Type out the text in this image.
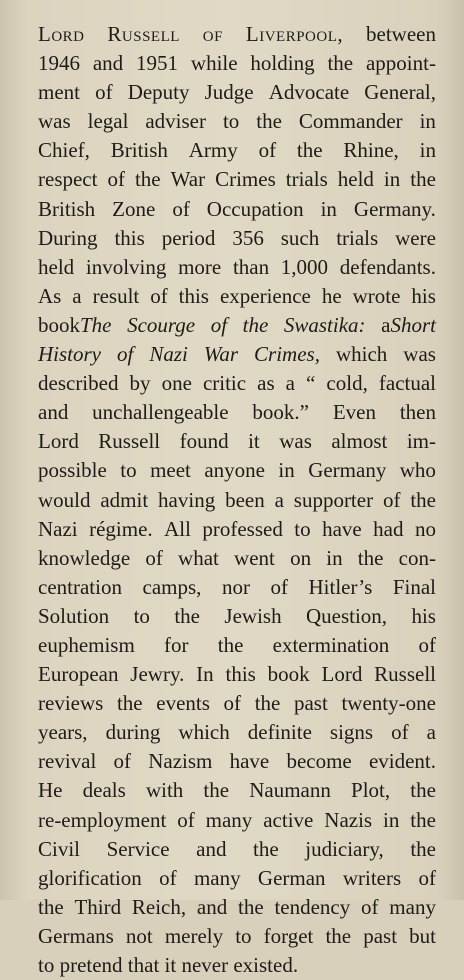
Lord Russell of Liverpool, between
1946 and 1951 while holding the appoint-
ment of Deputy Judge Advocate General,
was legal adviser to the Commander in
Chief, British Army of the Rhine, in
respect of the War Crimes trials held in the
British Zone of Occupation in Germany.
During this period 356 such trials were
held involving more than 1,000 defendants.
As a result of this experience he wrote his
bookThe Scourge of the Swastika: aShort
History of Nazi War Crimes, which was
described by one critic as a “ cold, factual
and unchallengeable book.” Even then
Lord Russell found it was almost im-
possible to meet anyone in Germany who
would admit having been a supporter of the
Nazi régime. All professed to have had no
knowledge of what went on in the con-
centration camps, nor of Hitler’s Final
Solution to the Jewish Question, his
euphemism for the extermination of
European Jewry. In this book Lord Russell
reviews the events of the past twenty-one
years, during which definite signs of a
revival of Nazism have become evident.
He deals with the Naumann Plot, the
re-employment of many active Nazis in the
Civil Service and the judiciary, the
glorification of many German writers of
the Third Reich, and the tendency of many
Germans not merely to forget the past but
to pretend that it never existed.
